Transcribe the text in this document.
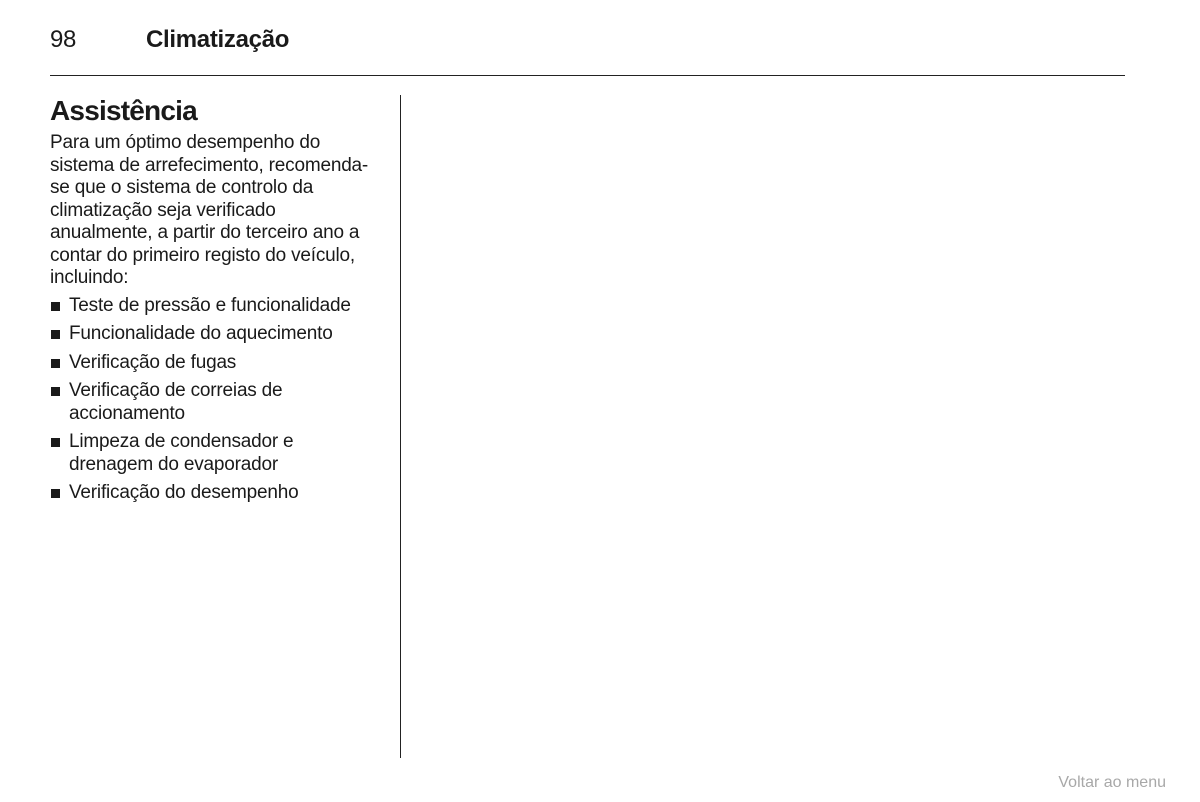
98	Climatização
Assistência

Para um óptimo desempenho do sistema de arrefecimento, recomenda-se que o sistema de controlo da climatização seja verificado anualmente, a partir do terceiro ano a contar do primeiro registo do veículo, incluindo:

Teste de pressão e funcionalidade
Funcionalidade do aquecimento
Verificação de fugas
Verificação de correias de accionamento
Limpeza de condensador e drenagem do evaporador
Verificação do desempenho
Voltar ao menu
